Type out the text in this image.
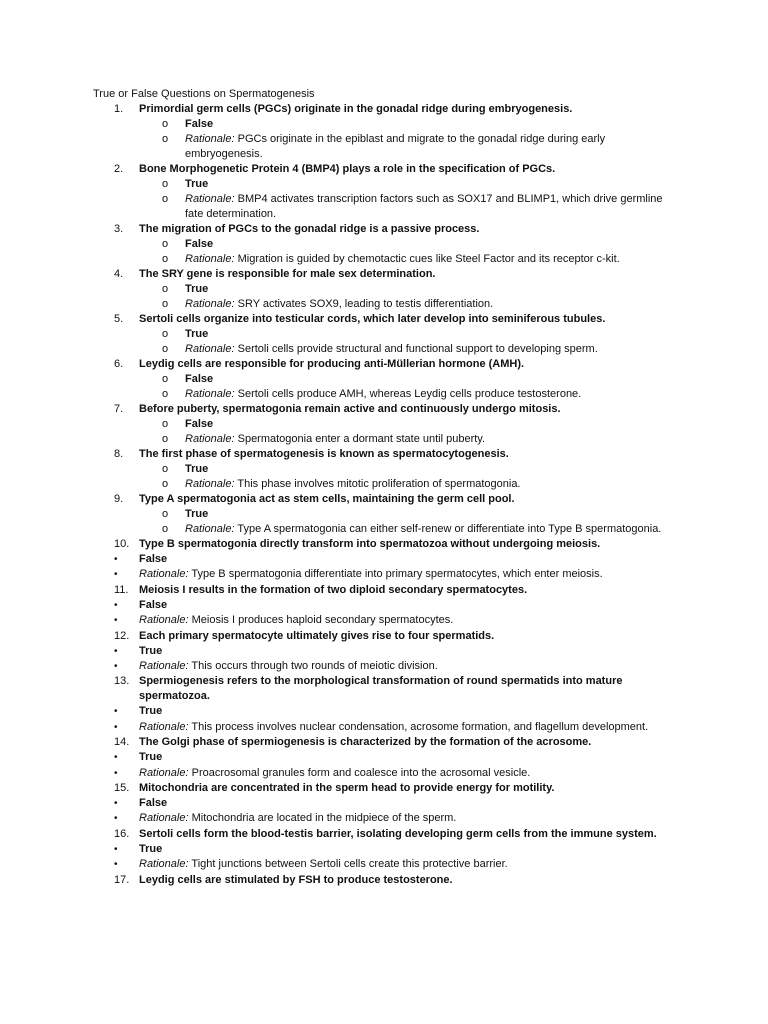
True or False Questions on Spermatogenesis
1. Primordial germ cells (PGCs) originate in the gonadal ridge during embryogenesis.
o False
o Rationale: PGCs originate in the epiblast and migrate to the gonadal ridge during early embryogenesis.
2. Bone Morphogenetic Protein 4 (BMP4) plays a role in the specification of PGCs.
o True
o Rationale: BMP4 activates transcription factors such as SOX17 and BLIMP1, which drive germline fate determination.
3. The migration of PGCs to the gonadal ridge is a passive process.
o False
o Rationale: Migration is guided by chemotactic cues like Steel Factor and its receptor c-kit.
4. The SRY gene is responsible for male sex determination.
o True
o Rationale: SRY activates SOX9, leading to testis differentiation.
5. Sertoli cells organize into testicular cords, which later develop into seminiferous tubules.
o True
o Rationale: Sertoli cells provide structural and functional support to developing sperm.
6. Leydig cells are responsible for producing anti-Müllerian hormone (AMH).
o False
o Rationale: Sertoli cells produce AMH, whereas Leydig cells produce testosterone.
7. Before puberty, spermatogonia remain active and continuously undergo mitosis.
o False
o Rationale: Spermatogonia enter a dormant state until puberty.
8. The first phase of spermatogenesis is known as spermatocytogenesis.
o True
o Rationale: This phase involves mitotic proliferation of spermatogonia.
9. Type A spermatogonia act as stem cells, maintaining the germ cell pool.
o True
o Rationale: Type A spermatogonia can either self-renew or differentiate into Type B spermatogonia.
10. Type B spermatogonia directly transform into spermatozoa without undergoing meiosis.
• False
• Rationale: Type B spermatogonia differentiate into primary spermatocytes, which enter meiosis.
11. Meiosis I results in the formation of two diploid secondary spermatocytes.
• False
• Rationale: Meiosis I produces haploid secondary spermatocytes.
12. Each primary spermatocyte ultimately gives rise to four spermatids.
• True
• Rationale: This occurs through two rounds of meiotic division.
13. Spermiogenesis refers to the morphological transformation of round spermatids into mature spermatozoa.
• True
• Rationale: This process involves nuclear condensation, acrosome formation, and flagellum development.
14. The Golgi phase of spermiogenesis is characterized by the formation of the acrosome.
• True
• Rationale: Proacrosomal granules form and coalesce into the acrosomal vesicle.
15. Mitochondria are concentrated in the sperm head to provide energy for motility.
• False
• Rationale: Mitochondria are located in the midpiece of the sperm.
16. Sertoli cells form the blood-testis barrier, isolating developing germ cells from the immune system.
• True
• Rationale: Tight junctions between Sertoli cells create this protective barrier.
17. Leydig cells are stimulated by FSH to produce testosterone.
